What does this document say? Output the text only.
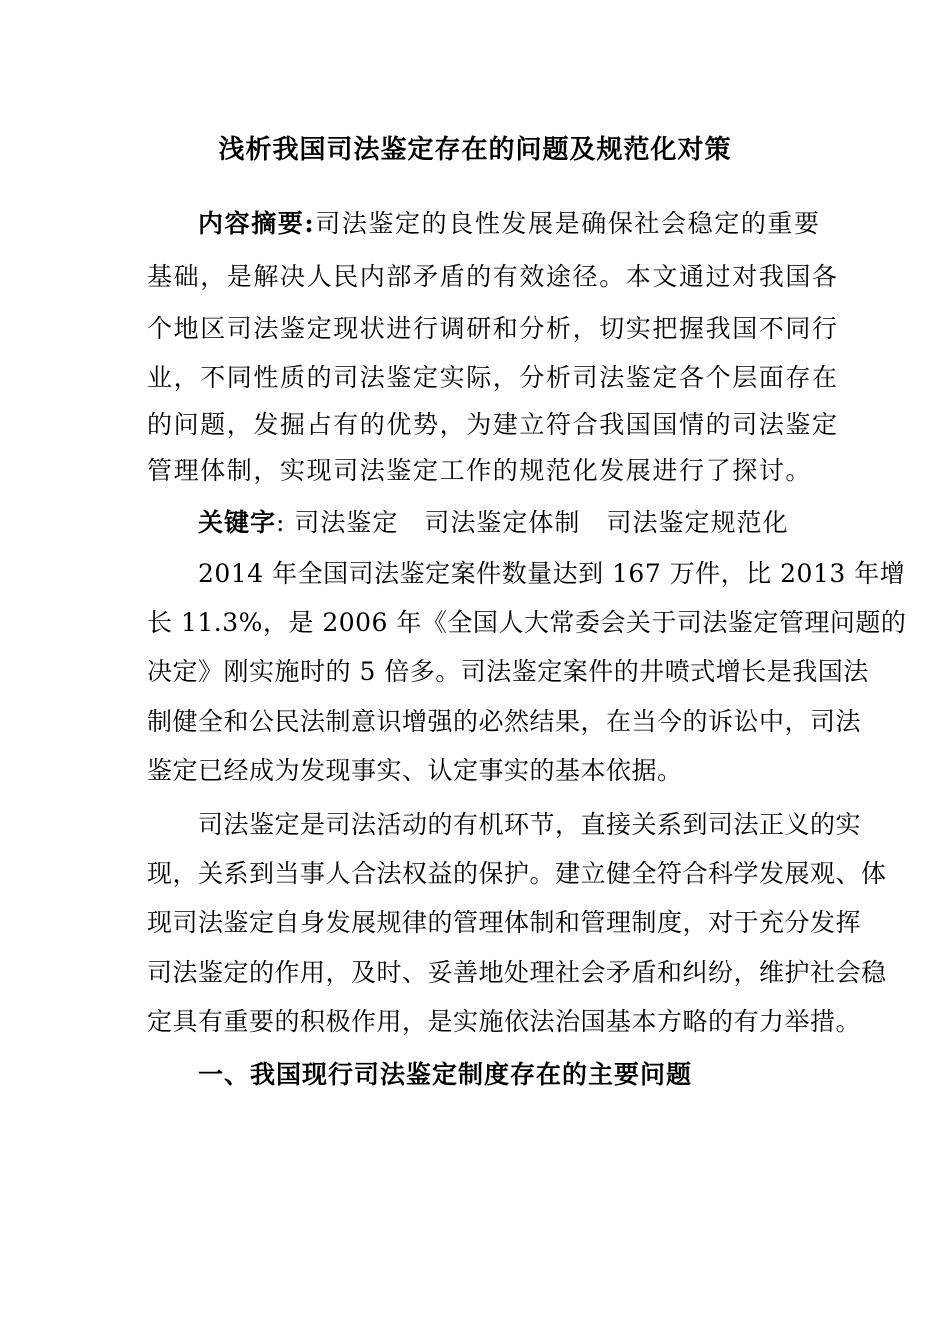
浅析我国司法鉴定存在的问题及规范化对策
内容摘要:司法鉴定的良性发展是确保社会稳定的重要
基础，是解决人民内部矛盾的有效途径。本文通过对我国各
个地区司法鉴定现状进行调研和分析，切实把握我国不同行
业，不同性质的司法鉴定实际，分析司法鉴定各个层面存在
的问题，发掘占有的优势，为建立符合我国国情的司法鉴定
管理体制，实现司法鉴定工作的规范化发展进行了探讨。
关键字: 司法鉴定 司法鉴定体制 司法鉴定规范化
2014 年全国司法鉴定案件数量达到 167 万件，比 2013 年增
长 11.3%，是 2006 年《全国人大常委会关于司法鉴定管理问题的
决定》刚实施时的 5 倍多。司法鉴定案件的井喷式增长是我国法
制健全和公民法制意识增强的必然结果，在当今的诉讼中，司法
鉴定已经成为发现事实、认定事实的基本依据。
司法鉴定是司法活动的有机环节，直接关系到司法正义的实
现，关系到当事人合法权益的保护。建立健全符合科学发展观、体
现司法鉴定自身发展规律的管理体制和管理制度，对于充分发挥
司法鉴定的作用，及时、妥善地处理社会矛盾和纠纷，维护社会稳
定具有重要的积极作用，是实施依法治国基本方略的有力举措。
一、我国现行司法鉴定制度存在的主要问题
